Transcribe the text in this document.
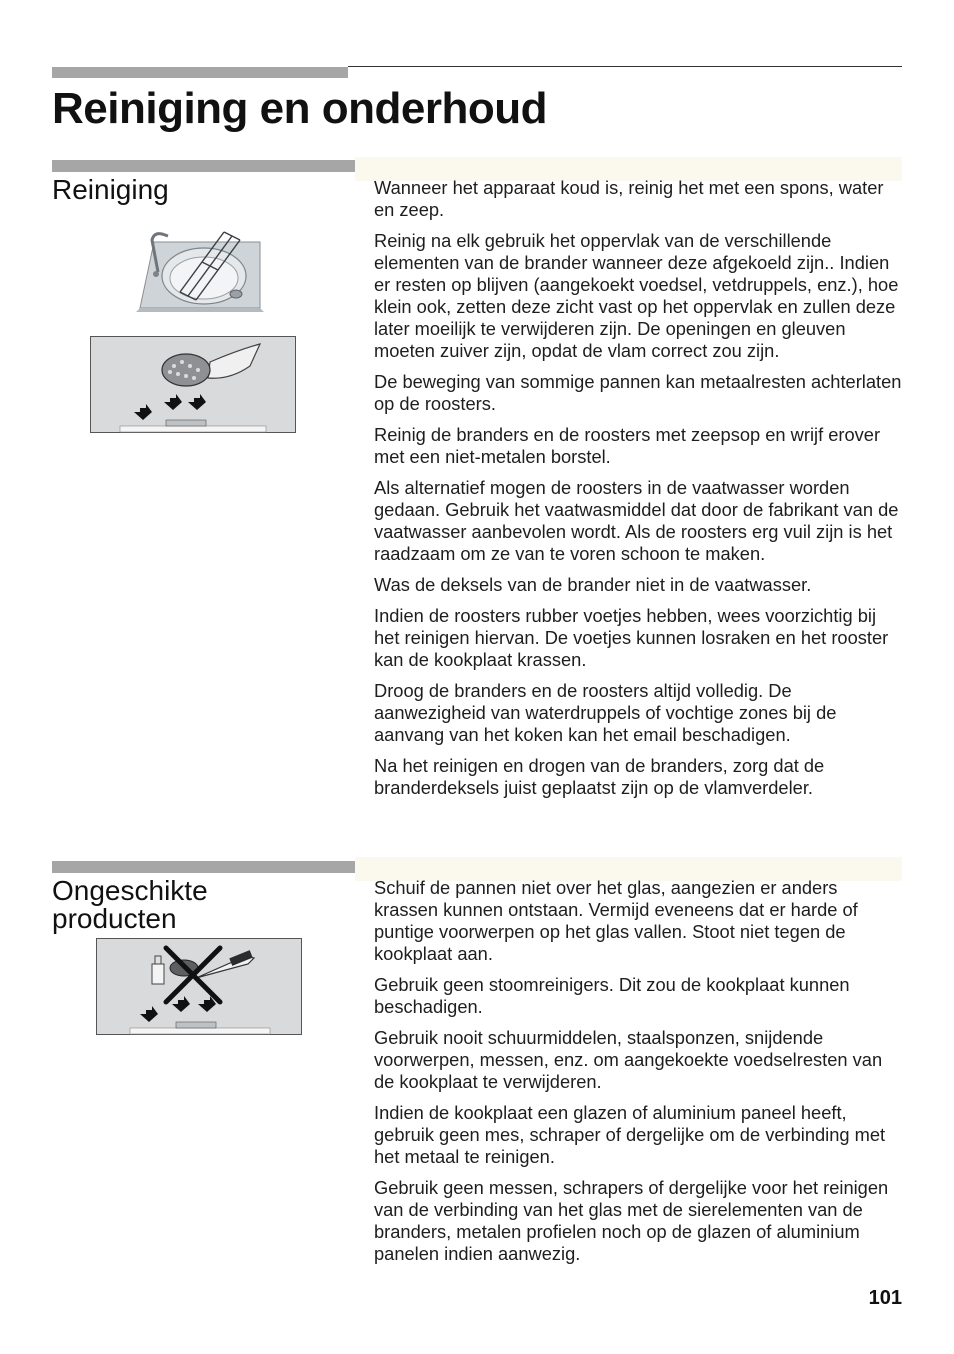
Reiniging en onderhoud
Reiniging	Wanneer het apparaat koud is, reinig het met een spons, water en zeep.

Reinig na elk gebruik het oppervlak van de verschillende elementen van de brander wanneer deze afgekoeld zijn.. Indien er resten op blijven (aangekoekt voedsel, vetdruppels, enz.), hoe klein ook, zetten deze zicht vast op het oppervlak en zullen deze later moeilijk te verwijderen zijn. De openingen en gleuven moeten zuiver zijn, opdat de vlam correct zou zijn.

De beweging van sommige pannen kan metaalresten achterlaten op de roosters.

Reinig de branders en de roosters met zeepsop en wrijf erover met een niet-metalen borstel.

Als alternatief mogen de roosters in de vaatwasser worden gedaan. Gebruik het vaatwasmiddel dat door de fabrikant van de vaatwasser aanbevolen wordt. Als de roosters erg vuil zijn is het raadzaam om ze van te voren schoon te maken.

Was de deksels van de brander niet in de vaatwasser.

Indien de roosters rubber voetjes hebben, wees voorzichtig bij het reinigen hiervan. De voetjes kunnen losraken en het rooster kan de kookplaat krassen.

Droog de branders en de roosters altijd volledig. De aanwezigheid van waterdruppels of vochtige zones bij de aanvang van het koken kan het email beschadigen.

Na het reinigen en drogen van de branders, zorg dat de branderdeksels juist geplaatst zijn op de vlamverdeler.

Ongeschikte
producten

Schuif de pannen niet over het glas, aangezien er anders krassen kunnen ontstaan. Vermijd eveneens dat er harde of puntige voorwerpen op het glas vallen. Stoot niet tegen de kookplaat aan.

Gebruik geen stoomreinigers. Dit zou de kookplaat kunnen beschadigen.

Gebruik nooit schuurmiddelen, staalsponzen, snijdende voorwerpen, messen, enz. om aangekoekte voedselresten van de kookplaat te verwijderen.

Indien de kookplaat een glazen of aluminium paneel heeft, gebruik geen mes, schraper of dergelijke om de verbinding met het metaal te reinigen.

Gebruik geen messen, schrapers of dergelijke voor het reinigen van de verbinding van het glas met de sierelementen van de branders, metalen profielen noch op de glazen of aluminium panelen indien aanwezig.

101
